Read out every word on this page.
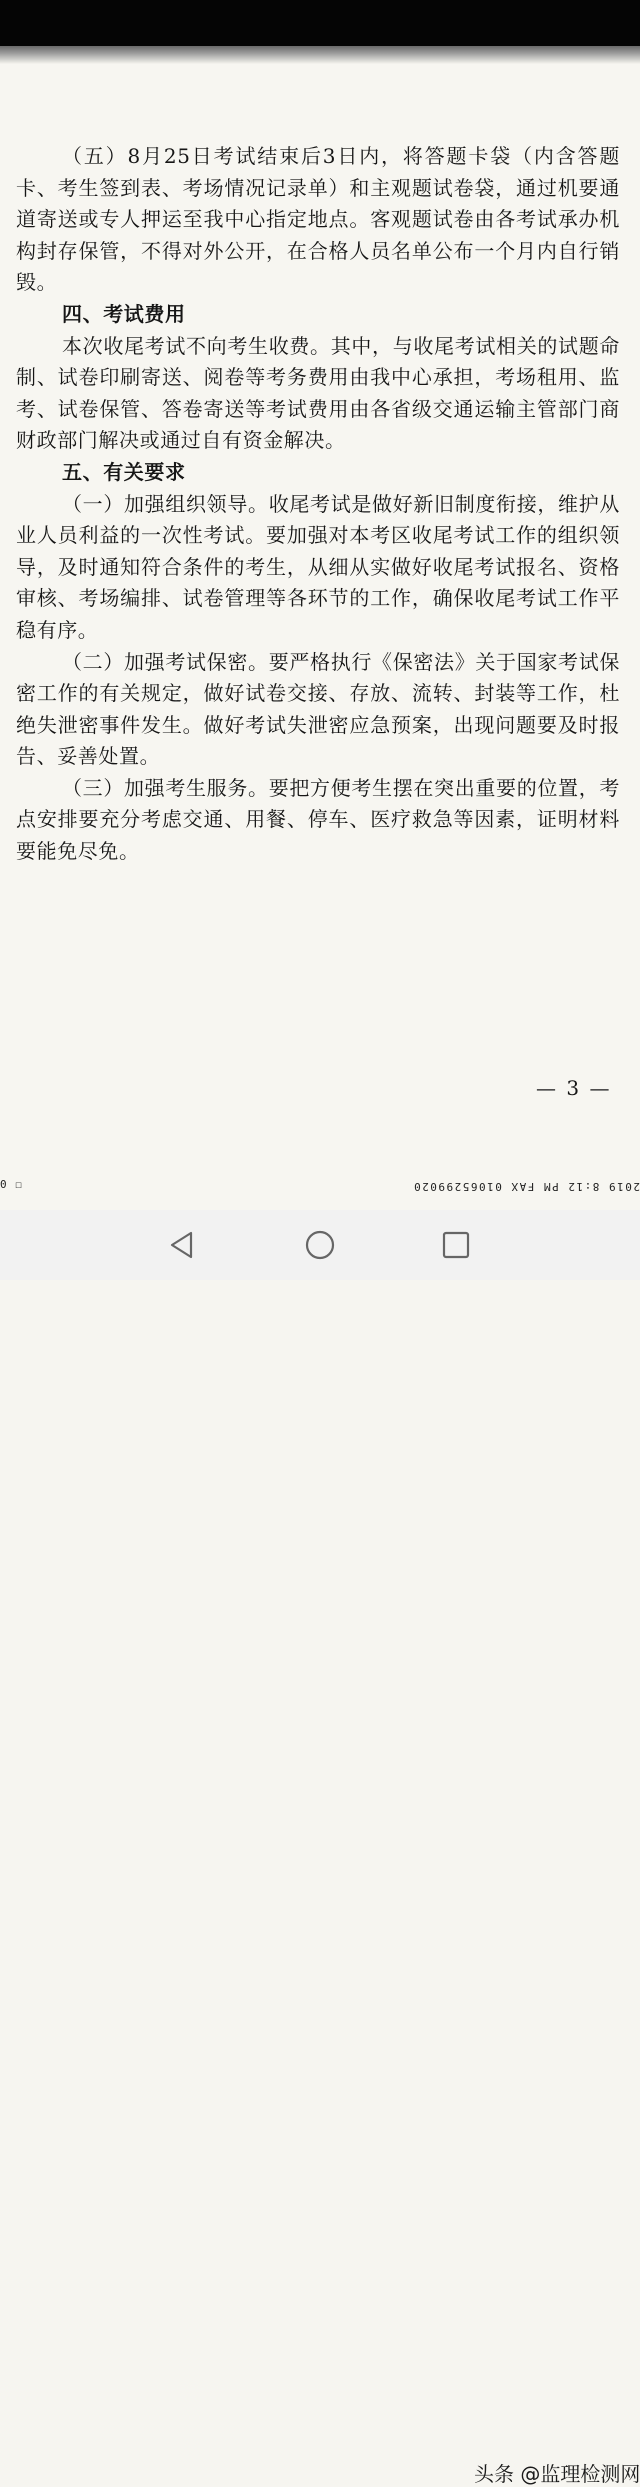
（五）8月25日考试结束后3日内，将答题卡袋（内含答题卡、考生签到表、考场情况记录单）和主观题试卷袋，通过机要通道寄送或专人押运至我中心指定地点。客观题试卷由各考试承办机构封存保管，不得对外公开，在合格人员名单公布一个月内自行销毁。

四、考试费用

本次收尾考试不向考生收费。其中，与收尾考试相关的试题命制、试卷印刷寄送、阅卷等考务费用由我中心承担，考场租用、监考、试卷保管、答卷寄送等考试费用由各省级交通运输主管部门商财政部门解决或通过自有资金解决。

五、有关要求

（一）加强组织领导。收尾考试是做好新旧制度衔接，维护从业人员利益的一次性考试。要加强对本考区收尾考试工作的组织领导，及时通知符合条件的考生，从细从实做好收尾考试报名、资格审核、考场编排、试卷管理等各环节的工作，确保收尾考试工作平稳有序。

（二）加强考试保密。要严格执行《保密法》关于国家考试保密工作的有关规定，做好试卷交接、存放、流转、封装等工作，杜绝失泄密事件发生。做好考试失泄密应急预案，出现问题要及时报告、妥善处置。

（三）加强考生服务。要把方便考生摆在突出重要的位置，考点安排要充分考虑交通、用餐、停车、医疗救急等因素，证明材料要能免尽免。

— 3 —
0 ☐	2019 8:12 PM FAX 01065299020
头条 @监理检测网
